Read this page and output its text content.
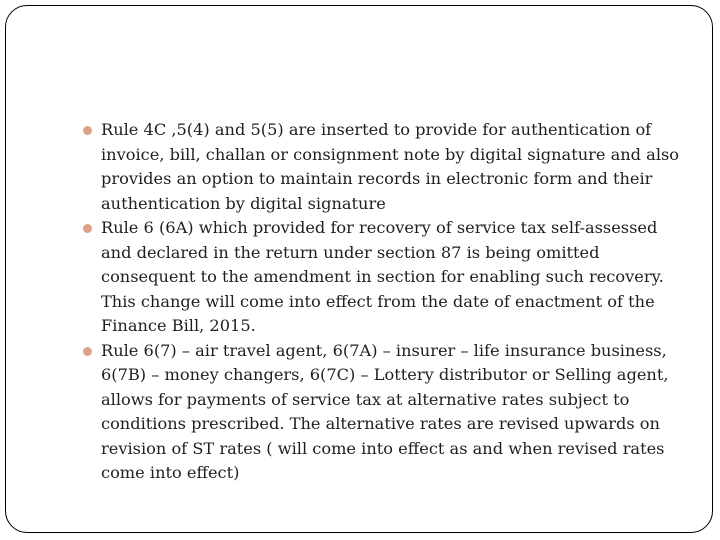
Rule 4C ,5(4) and 5(5) are inserted to provide for authentication of invoice, bill, challan or consignment note by digital signature and also provides an option to maintain records in electronic form and their authentication by digital signature
Rule 6 (6A) which provided for recovery of service tax self-assessed and declared in the return under section 87 is being omitted consequent to the amendment in section for enabling such recovery. This change will come into effect from the date of enactment of the Finance Bill, 2015.
Rule 6(7) – air travel agent, 6(7A) – insurer – life insurance business, 6(7B) – money changers, 6(7C) – Lottery distributor or Selling agent, allows for payments of service tax at alternative rates subject to conditions prescribed. The alternative rates are revised upwards on revision of ST rates ( will come into effect as and when revised rates come into effect)
